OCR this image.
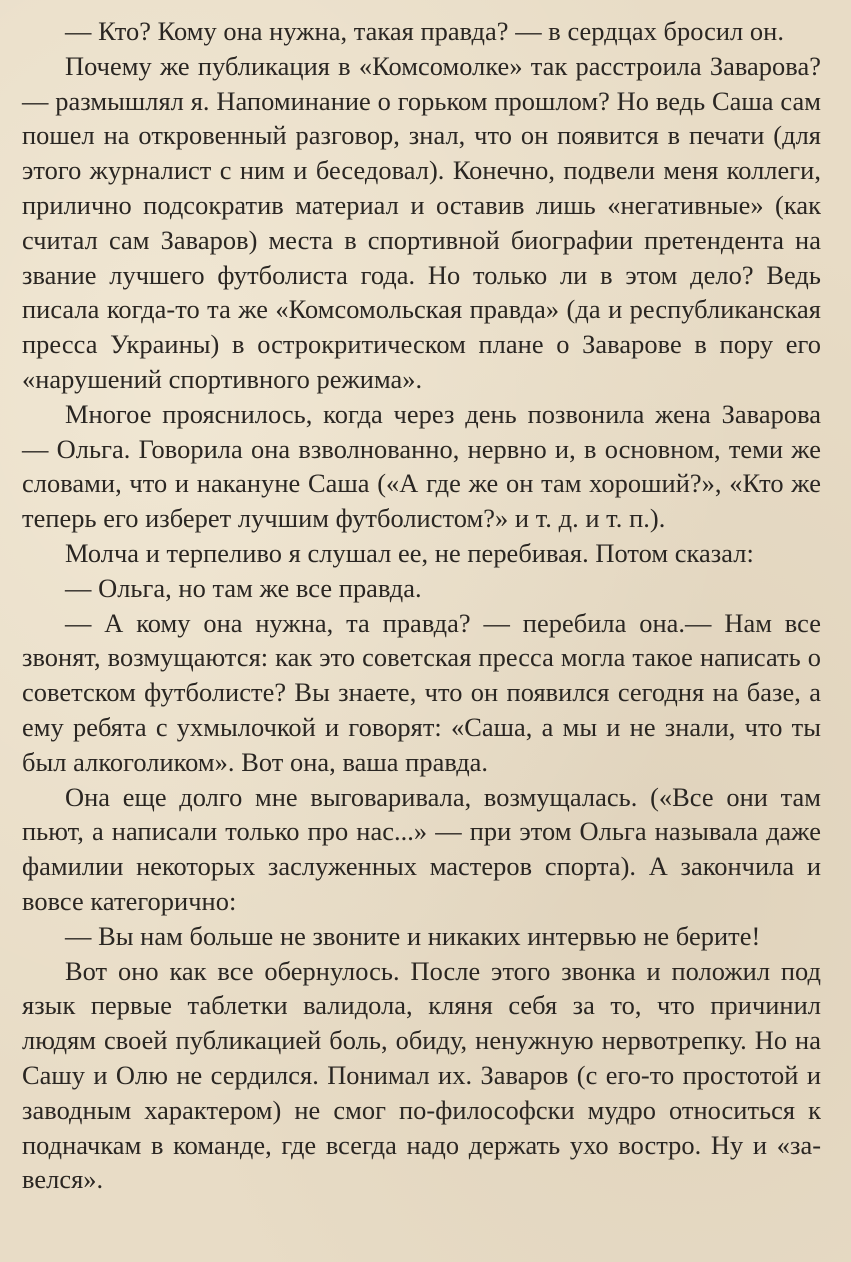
— Кто? Кому она нужна, такая правда? — в сердцах бросил он.

Почему же публикация в «Комсомолке» так расстроила Заварова? — размышлял я. Напоминание о горьком прошлом? Но ведь Саша сам пошел на откровенный разговор, знал, что он появится в печати (для этого журналист с ним и беседовал). Конечно, подвели меня коллеги, прилично подсократив материал и оставив лишь «негативные» (как считал сам Заваров) места в спортивной биографии претендента на звание лучшего футболиста года. Но только ли в этом дело? Ведь писала когда-то та же «Комсомольская правда» (да и республиканская пресса Украины) в острокритическом плане о Заварове в пору его «нарушений спортивного режима».

Многое прояснилось, когда через день позвонила жена Заварова — Ольга. Говорила она взволнованно, нервно и, в основном, теми же словами, что и накануне Саша («А где же он там хороший?», «Кто же теперь его изберет лучшим футболистом?» и т. д. и т. п.).

Молча и терпеливо я слушал ее, не перебивая. Потом сказал:

— Ольга, но там же все правда.

— А кому она нужна, та правда? — перебила она.— Нам все звонят, возмущаются: как это советская пресса могла такое написать о советском футболисте? Вы знаете, что он появился сегодня на базе, а ему ребята с ухмылочкой и говорят: «Саша, а мы и не знали, что ты был алкоголиком». Вот она, ваша правда.

Она еще долго мне выговаривала, возмущалась. («Все они там пьют, а написали только про нас...» — при этом Ольга называла даже фамилии некоторых заслуженных мастеров спорта). А закончила и вовсе категорично:

— Вы нам больше не звоните и никаких интервью не берите!

Вот оно как все обернулось. После этого звонка и положил под язык первые таблетки валидола, кляня себя за то, что причинил людям своей публикацией боль, обиду, ненужную нервотрепку. Но на Сашу и Олю не сердился. Понимал их. Заваров (с его-то простотой и заводным характером) не смог по-философски мудро относиться к подначкам в команде, где всегда надо держать ухо востро. Ну и «завелся».
